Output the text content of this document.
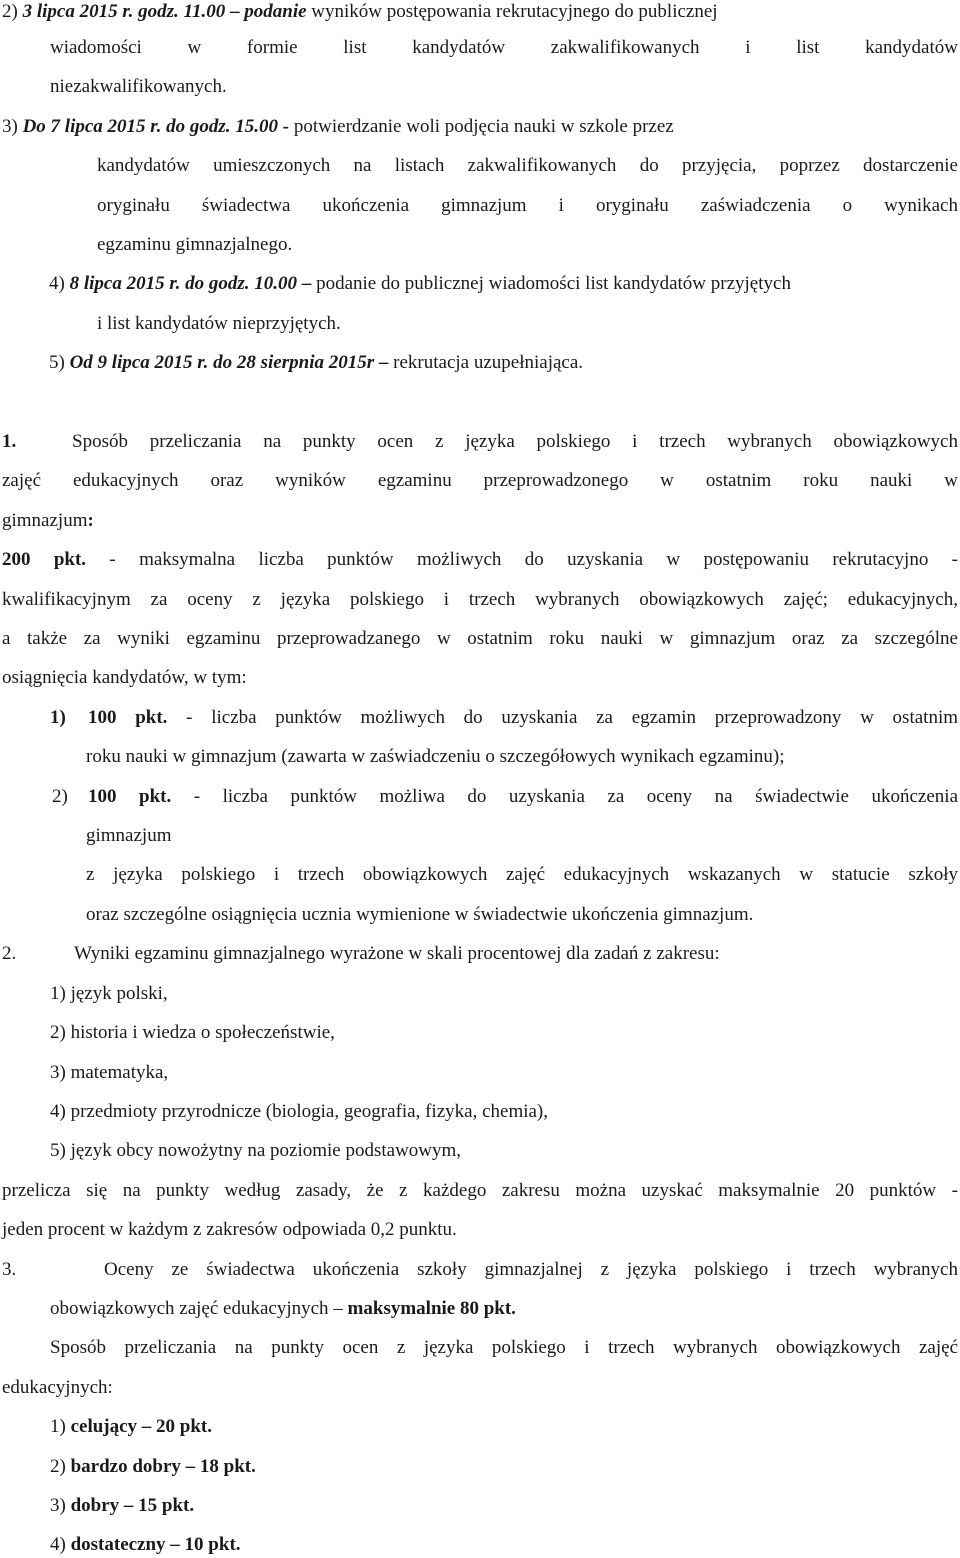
2) 3 lipca 2015 r. godz. 11.00 – podanie wyników postępowania rekrutacyjnego do publicznej
wiadomości w formie list kandydatów zakwalifikowanych i list kandydatów
niezakwalifikowanych.
3) Do 7 lipca 2015 r. do godz. 15.00 - potwierdzanie woli podjęcia nauki w szkole przez
kandydatów umieszczonych na listach zakwalifikowanych do przyjęcia, poprzez dostarczenie
oryginału świadectwa ukończenia gimnazjum i oryginału zaświadczenia o wynikach
egzaminu gimnazjalnego.
4) 8 lipca 2015 r. do godz. 10.00 – podanie do publicznej wiadomości list kandydatów przyjętych
i list kandydatów nieprzyjętych.
5) Od 9 lipca 2015 r. do 28 sierpnia 2015r – rekrutacja uzupełniająca.
1.	Sposób przeliczania na punkty ocen z języka polskiego i trzech wybranych obowiązkowych
zajęć edukacyjnych oraz wyników egzaminu przeprowadzonego w ostatnim roku nauki w
gimnazjum:
200 pkt. - maksymalna liczba punktów możliwych do uzyskania w postępowaniu rekrutacyjno -
kwalifikacyjnym za oceny z języka polskiego i trzech wybranych obowiązkowych zajęć; edukacyjnych,
a także za wyniki egzaminu przeprowadzanego w ostatnim roku nauki w gimnazjum oraz za szczególne
osiągnięcia kandydatów, w tym:
1) 100 pkt. - liczba punktów możliwych do uzyskania za egzamin przeprowadzony w ostatnim
roku nauki w gimnazjum (zawarta w zaświadczeniu o szczegółowych wynikach egzaminu);
2) 100 pkt. - liczba punktów możliwa do uzyskania za oceny na świadectwie ukończenia
gimnazjum
z języka polskiego i trzech obowiązkowych zajęć edukacyjnych wskazanych w statucie szkoły
oraz szczególne osiągnięcia ucznia wymienione w świadectwie ukończenia gimnazjum.
2.	Wyniki egzaminu gimnazjalnego wyrażone w skali procentowej dla zadań z zakresu:
1) język polski,
2) historia i wiedza o społeczeństwie,
3) matematyka,
4) przedmioty przyrodnicze (biologia, geografia, fizyka, chemia),
5) język obcy nowożytny na poziomie podstawowym,
przelicza się na punkty według zasady, że z każdego zakresu można uzyskać maksymalnie 20 punktów -
jeden procent w każdym z zakresów odpowiada 0,2 punktu.
3.	Oceny ze świadectwa ukończenia szkoły gimnazjalnej z języka polskiego i trzech wybranych
obowiązkowych zajęć edukacyjnych – maksymalnie 80 pkt.
Sposób przeliczania na punkty ocen z języka polskiego i trzech wybranych obowiązkowych zajęć
edukacyjnych:
1) celujący – 20 pkt.
2) bardzo dobry – 18 pkt.
3) dobry – 15 pkt.
4) dostateczny – 10 pkt.
